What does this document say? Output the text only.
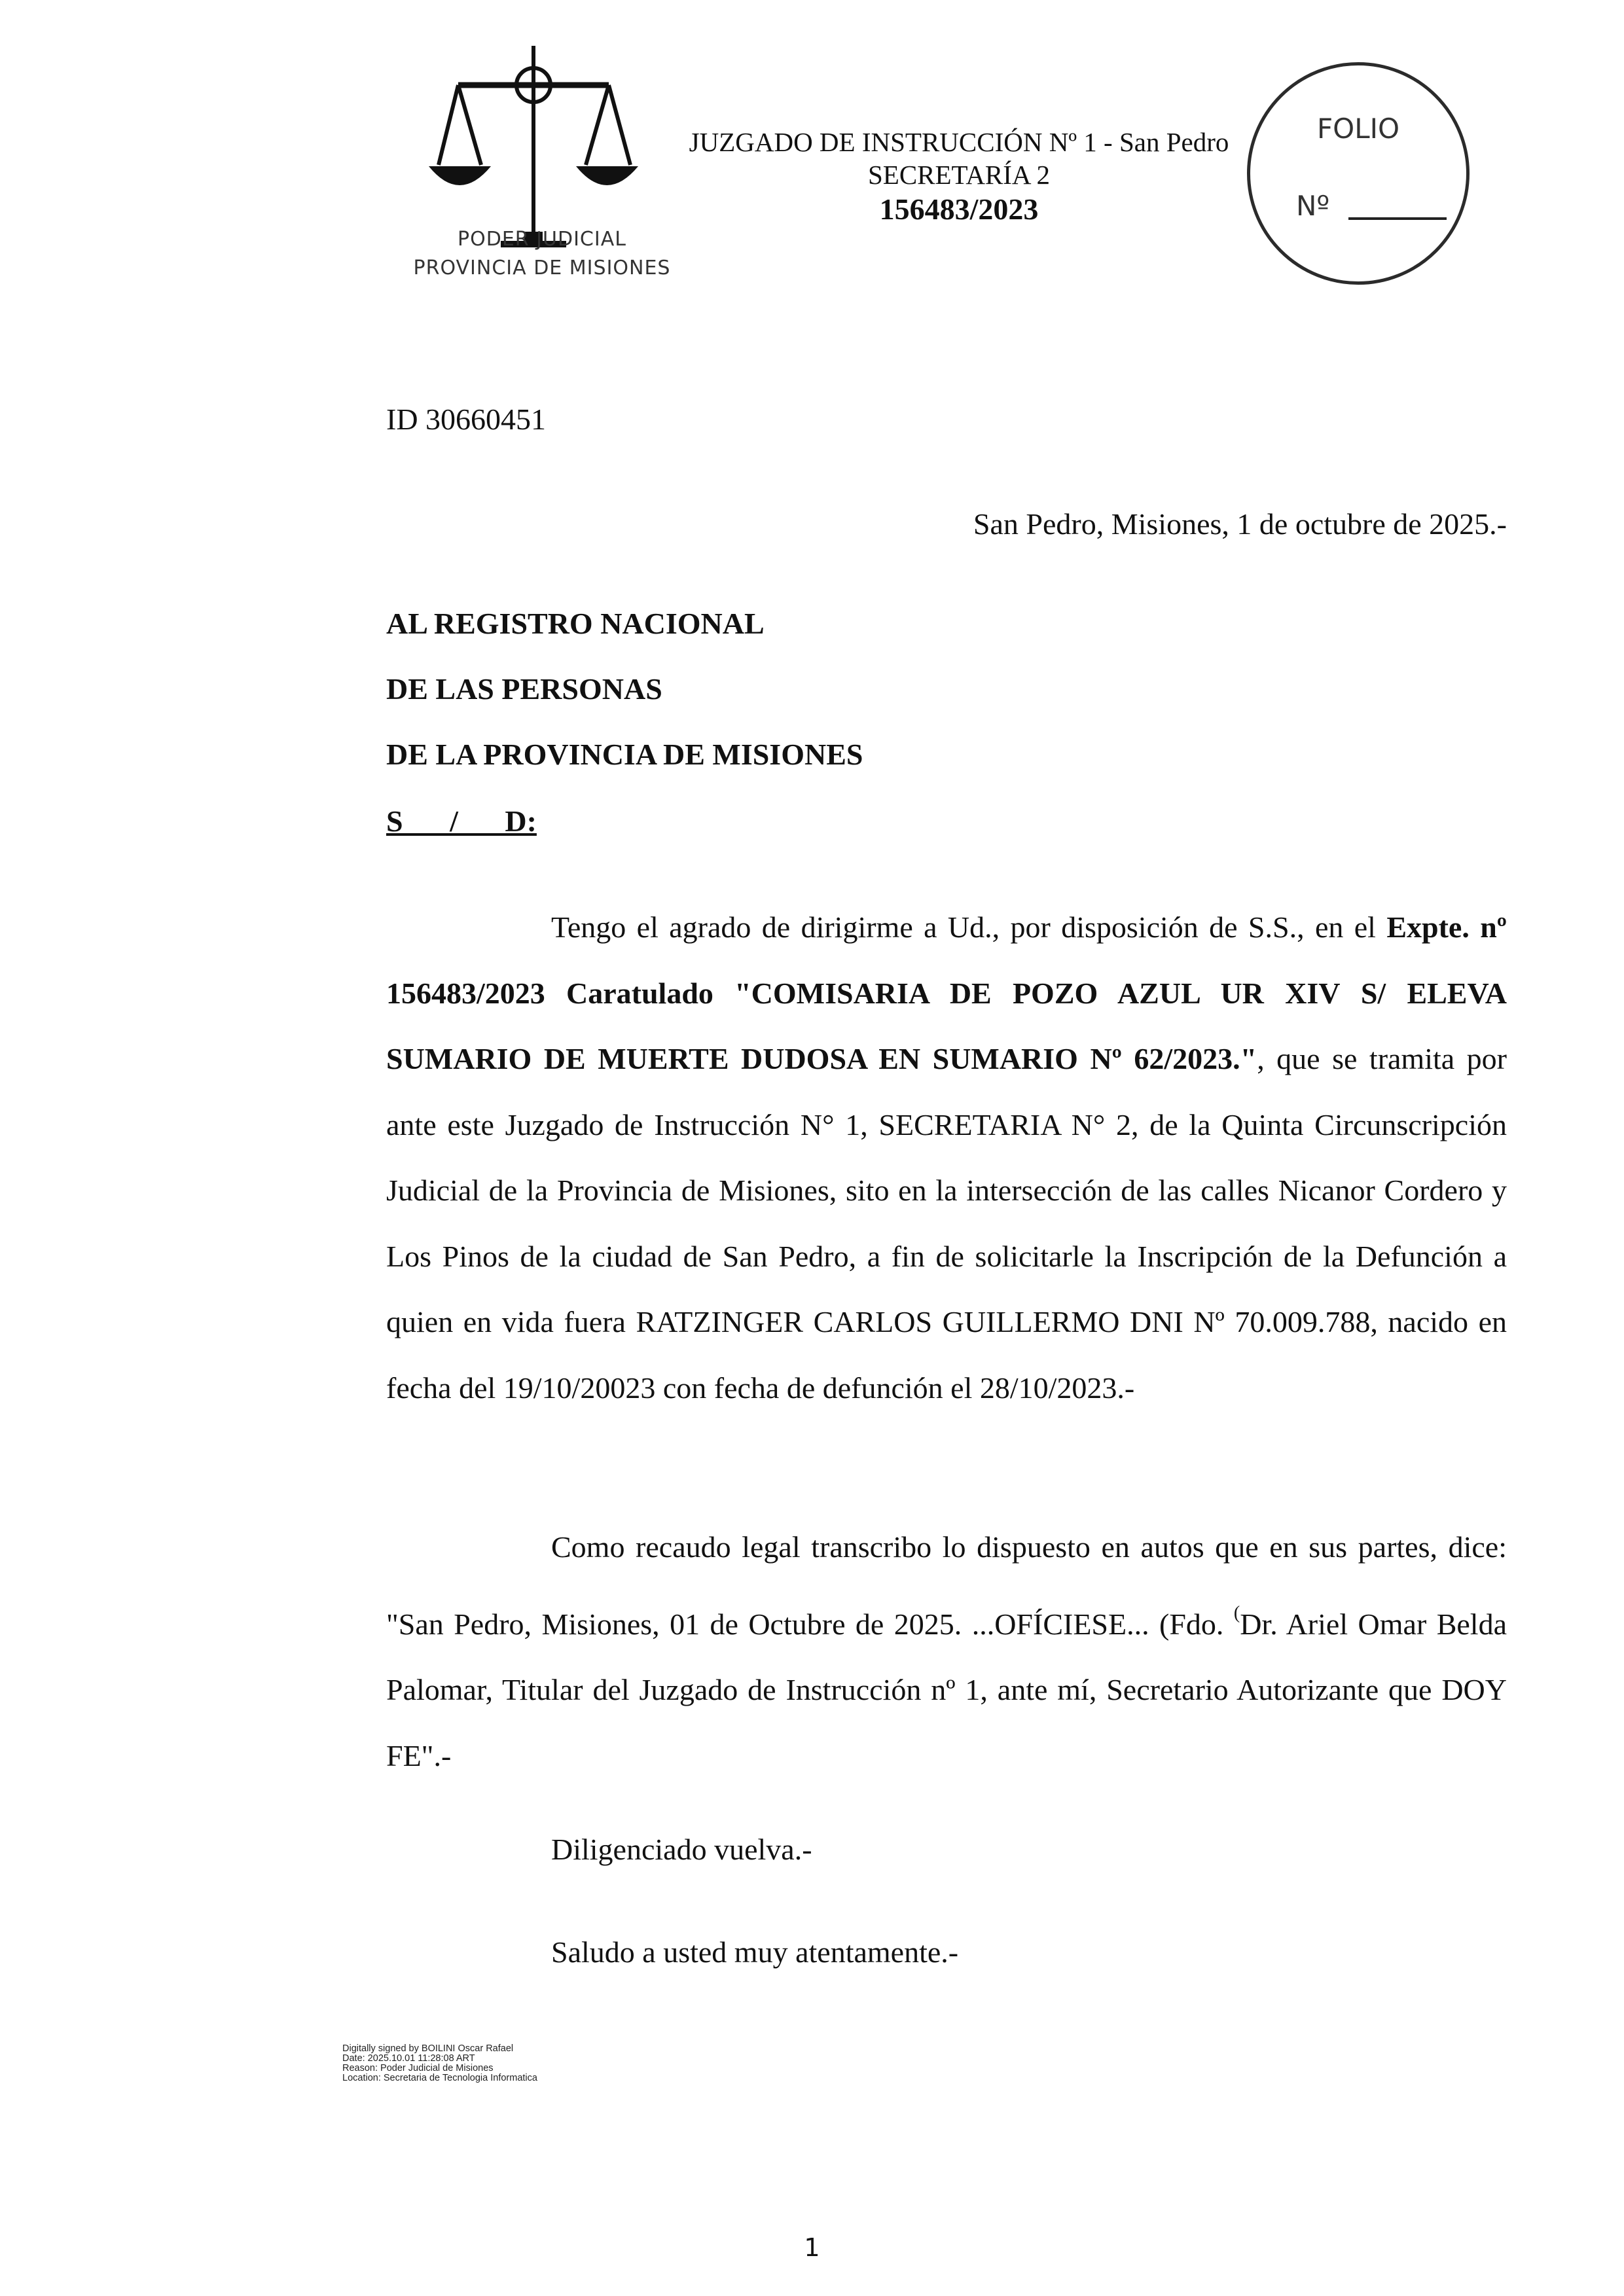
PODER JUDICIAL
PROVINCIA DE MISIONES
JUZGADO DE INSTRUCCIÓN Nº 1 - San Pedro
SECRETARÍA 2
156483/2023
FOLIO
Nº
ID 30660451
San Pedro, Misiones, 1 de octubre de 2025.-
AL REGISTRO NACIONAL
DE LAS PERSONAS
DE LA PROVINCIA DE MISIONES
S / D:
Tengo el agrado de dirigirme a Ud., por disposición de S.S., en el Expte. nº 156483/2023 Caratulado "COMISARIA DE POZO AZUL UR XIV S/ ELEVA SUMARIO DE MUERTE DUDOSA EN SUMARIO Nº 62/2023.", que se tramita por ante este Juzgado de Instrucción N° 1, SECRETARIA N° 2, de la Quinta Circunscripción Judicial de la Provincia de Misiones, sito en la intersección de las calles Nicanor Cordero y Los Pinos de la ciudad de San Pedro, a fin de solicitarle la Inscripción de la Defunción a quien en vida fuera RATZINGER CARLOS GUILLERMO DNI Nº 70.009.788, nacido en fecha del 19/10/20023 con fecha de defunción el 28/10/2023.-
Como recaudo legal transcribo lo dispuesto en autos que en sus partes, dice: "San Pedro, Misiones, 01 de Octubre de 2025. ...OFÍCIESE... (Fdo. (Dr. Ariel Omar Belda Palomar, Titular del Juzgado de Instrucción nº 1, ante mí, Secretario Autorizante que DOY FE".-
Diligenciado vuelva.-
Saludo a usted muy atentamente.-
Digitally signed by BOILINI Oscar Rafael
Date: 2025.10.01 11:28:08 ART
Reason: Poder Judicial de Misiones
Location: Secretaria de Tecnologia Informatica
1
